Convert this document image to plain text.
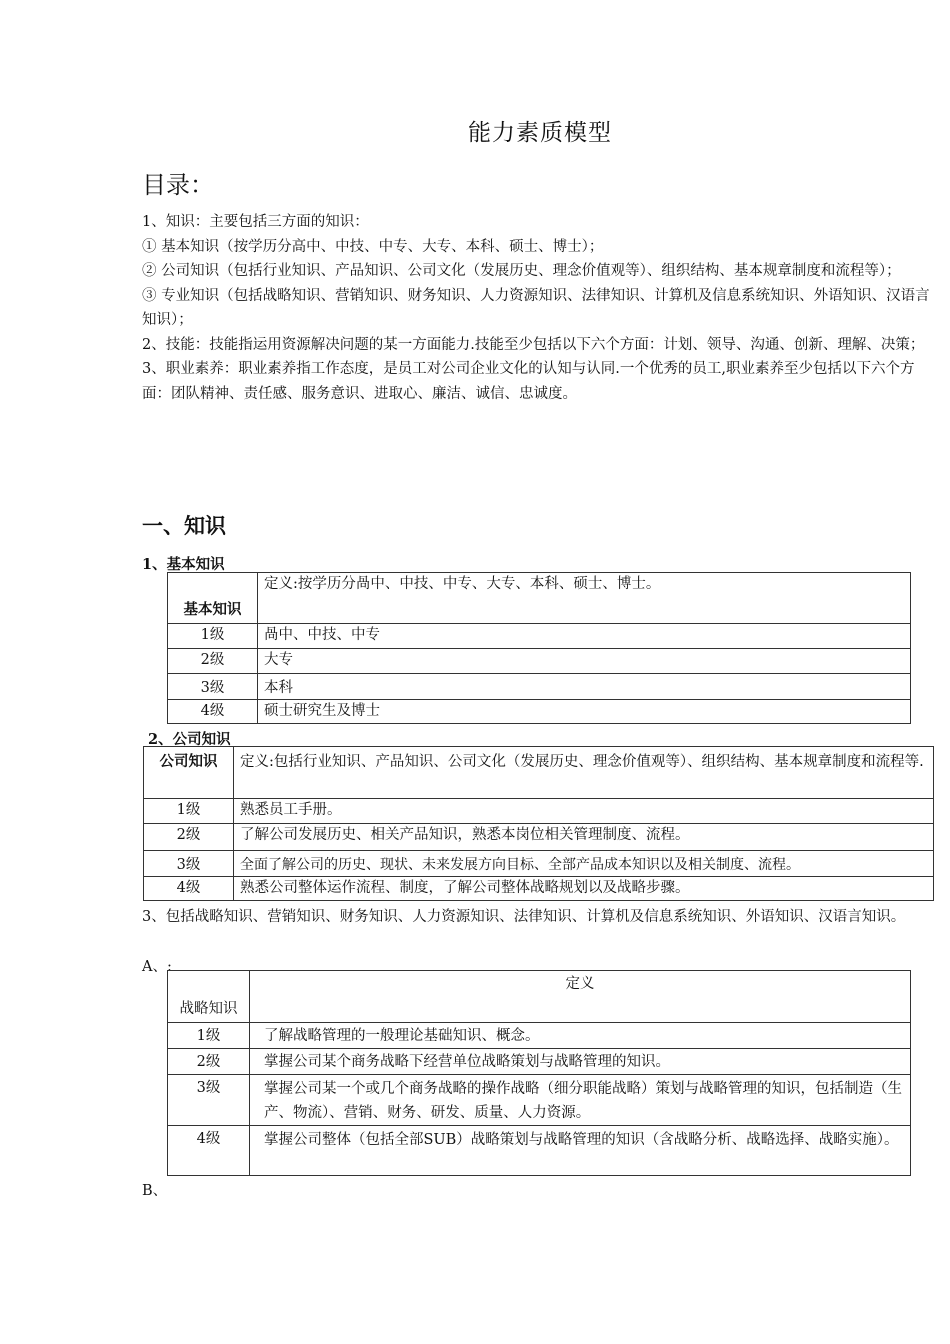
能力素质模型
目录：

1、知识：主要包括三方面的知识：

① 基本知识（按学历分高中、中技、中专、大专、本科、硕士、博士）；

② 公司知识（包括行业知识、产品知识、公司文化（发展历史、理念价值观等）、组织结构、基本规章制度和流程等）；

③ 专业知识（包括战略知识、营销知识、财务知识、人力资源知识、法律知识、计算机及信息系统知识、外语知识、汉语言知识）；

2、技能：技能指运用资源解决问题的某一方面能力.技能至少包括以下六个方面：计划、领导、沟通、创新、理解、决策；

3、职业素养：职业素养指工作态度，是员工对公司企业文化的认知与认同.一个优秀的员工,职业素养至少包括以下六个方面：团队精神、责任感、服务意识、进取心、廉洁、诚信、忠诚度。

一、知识
1、基本知识
基本知识	定义:按学历分咼中、中技、中专、大专、本科、硕士、博士。
1级	咼中、中技、中专
2级	大专
3级	本科
4级	硕士研究生及博士
2、公司知识
公司知识	定义:包括行业知识、产品知识、公司文化（发展历史、理念价值观等）、组织结构、基本规章制度和流程等.
1级	熟悉员工手册。
2级	了解公司发展历史、相关产品知识，熟悉本岗位相关管理制度、流程。
3级	全面了解公司的历史、现状、未来发展方向目标、全部产品成本知识以及相关制度、流程。
4级	熟悉公司整体运作流程、制度，了解公司整体战略规划以及战略步骤。
3、包括战略知识、营销知识、财务知识、人力资源知识、法律知识、计算机及信息系统知识、外语知识、汉语言知识。
A、:
战略知识	定义
1级	了解战略管理的一般理论基础知识、概念。
2级	掌握公司某个商务战略下经营单位战略策划与战略管理的知识。
3级	掌握公司某一个或几个商务战略的操作战略（细分职能战略）策划与战略管理的知识，包括制造（生产、物流）、营销、财务、研发、质量、人力资源。
4级	掌握公司整体（包括全部SUB）战略策划与战略管理的知识（含战略分析、战略选择、战略实施）。
B、
